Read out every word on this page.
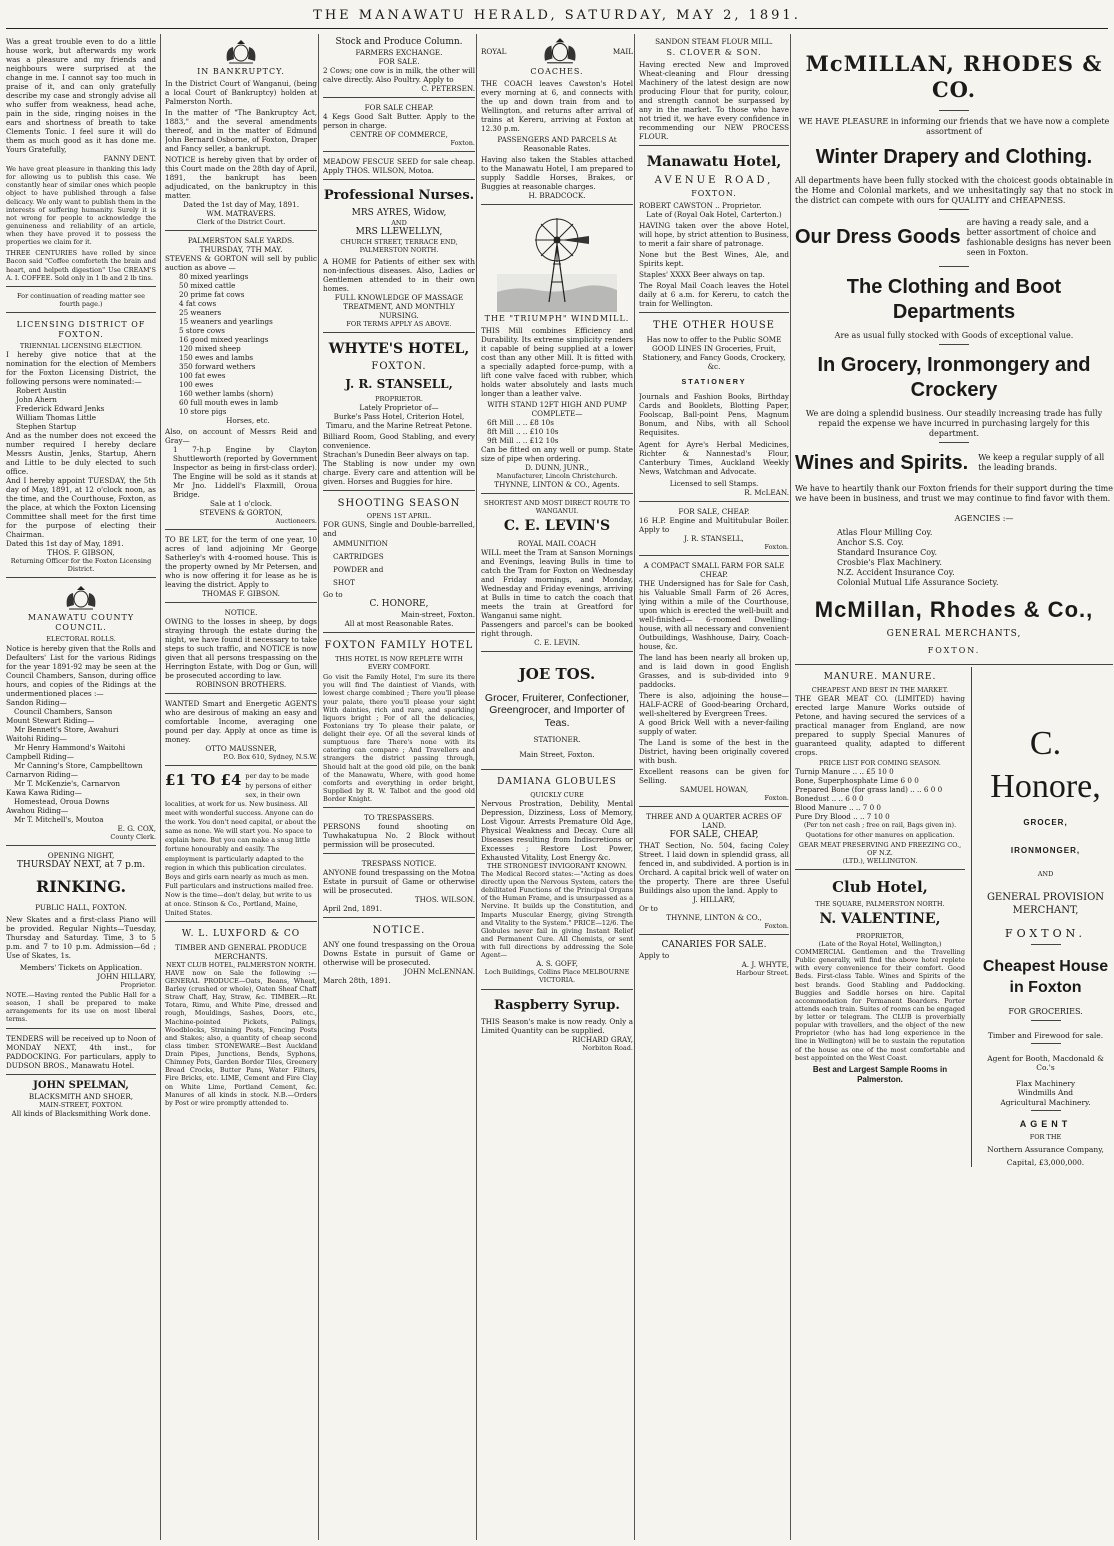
THE MANAWATU HERALD, SATURDAY, MAY 2, 1891.
Was a great trouble even to do a little house work, but afterwards my work was a pleasure and my friends and neighbours were surprised at the change in me. I cannot say too much in praise of it, and can only gratefully describe my case and strongly advise all who suffer from weakness, head ache, pain in the side, ringing noises in the ears and shortness of breath to take Clements Tonic. I feel sure it will do them as much good as it has done me. Yours Gratefully,
FANNY DENT.
We have great pleasure in thanking this lady for allowing us to publish this case. We constantly hear of similar ones which people object to have published through a false delicacy. We only want to publish them in the interests of suffering humanity. Surely it is not wrong for people to acknowledge the genuineness and reliability of an article, when they have proved it to possess the properties we claim for it.
THREE CENTURIES have rolled by since Bacon said "Coffee comforteth the brain and heart, and helpeth digestion" Use CREAM'S A. I. COFFEE. Sold only in 1 lb and 2 lb tins.
For continuation of reading matter see fourth page.)
LICENSING DISTRICT OF FOXTON.
TRIENNIAL LICENSING ELECTION.
I hereby give notice that at the nomination for the election of Members for the Foxton Licensing District, the following persons were nominated:—
Robert Austin
John Ahern
Frederick Edward Jenks
William Thomas Little
Stephen Startup
And as the number does not exceed the number required I hereby declare Messrs Austin, Jenks, Startup, Ahern and Little to be duly elected to such office.
And I hereby appoint TUESDAY, the 5th day of May, 1891, at 12 o'clock noon, as the time, and the Courthouse, Foxton, as the place, at which the Foxton Licensing Committee shall meet for the first time for the purpose of electing their Chairman.
Dated this 1st day of May, 1891.
THOS. F. GIBSON,
Returning Officer for the Foxton Licensing District.
MANAWATU COUNTY COUNCIL.
ELECTORAL ROLLS.
Notice is hereby given that the Rolls and Defaulters' List for the various Ridings for the year 1891-92 may be seen at the Council Chambers, Sanson, during office hours, and copies of the Ridings at the undermentioned places :—
Sandon Riding—
Council Chambers, Sanson
Mount Stewart Riding—
Mr Bennett's Store, Awahuri
Waitohi Riding—
Mr Henry Hammond's Waitohi
Campbell Riding—
Mr Canning's Store, Campbelltown
Carnarvon Riding—
Mr T. McKenzie's, Carnarvon
Kawa Kawa Riding—
Homestead, Oroua Downs
Awahou Riding—
Mr T. Mitchell's, Moutoa
E. G. COX,
County Clerk.
OPENING NIGHT,
THURSDAY NEXT, at 7 p.m.
RINKING.
PUBLIC HALL, FOXTON.
New Skates and a first-class Piano will be provided. Regular Nights—Tuesday, Thursday and Saturday. Time, 3 to 5 p.m. and 7 to 10 p.m. Admission—6d ; Use of Skates, 1s.
Members' Tickets on Application.
JOHN HILLARY,
Proprietor.
NOTE.—Having rented the Public Hall for a season, I shall be prepared to make arrangements for its use on most liberal terms.
TENDERS will be received up to Noon of MONDAY NEXT, 4th inst., for PADDOCKING. For particulars, apply to DUDSON BROS., Manawatu Hotel.
JOHN SPELMAN,
BLACKSMITH AND SHOER,
MAIN-STREET, FOXTON.
All kinds of Blacksmithing Work done.
IN BANKRUPTCY.
In the District Court of Wanganui, (being a local Court of Bankruptcy) holden at Palmerston North.
In the matter of "The Bankruptcy Act, 1883," and the several amendments thereof, and in the matter of Edmund John Bernard Osborne, of Foxton, Draper and Fancy seller, a bankrupt.
NOTICE is hereby given that by order of this Court made on the 28th day of April, 1891, the bankrupt has been adjudicated, on the bankruptcy in this matter.
Dated the 1st day of May, 1891.
WM. MATRAVERS.
Clerk of the District Court.
PALMERSTON SALE YARDS.
THURSDAY, 7TH MAY.
STEVENS & GORTON will sell by public auction as above —
80 mixed yearlings
50 mixed cattle
20 prime fat cows
4 fat cows
25 weaners
15 weaners and yearlings
5 store cows
16 good mixed yearlings
120 mixed sheep
150 ewes and lambs
350 forward wethers
100 fat ewes
100 ewes
160 wether lambs (shorn)
60 full mouth ewes in lamb
10 store pigs
Horses, etc.
Also, on account of Messrs Reid and Gray—
1 7-h.p Engine by Clayton Shuttleworth (reported by Government Inspector as being in first-class order). The Engine will be sold as it stands at Mr Jno. Liddell's Flaxmill, Oroua Bridge.
Sale at 1 o'clock.
STEVENS & GORTON,
Auctioneers.
TO BE LET, for the term of one year, 10 acres of land adjoining Mr George Satherley's with 4-roomed house. This is the property owned by Mr Petersen, and who is now offering it for lease as he is leaving the district. Apply to
THOMAS F. GIBSON.
NOTICE.
OWING to the losses in sheep, by dogs straying through the estate during the night, we have found it necessary to take steps to such traffic, and NOTICE is now given that all persons trespassing on the Herrington Estate, with Dog or Gun, will be prosecuted according to law.
ROBINSON BROTHERS.
WANTED Smart and Energetic AGENTS who are desirous of making an easy and comfortable Income, averaging one pound per day. Apply at once as time is money.
OTTO MAUSSNER,
P.O. Box 610, Sydney, N.S.W.
£1 TO £4 per day to be made by persons of either sex, in their own localities, at work for us. New business. All meet with wonderful success. Anyone can do the work. You don't need capital, or about the same as none. We will start you. No space to explain here. But you can make a snug little fortune honourably and easily. The employment is particularly adapted to the region in which this publication circulates. Boys and girls earn nearly as much as men. Full particulars and instructions mailed free. Now is the time—don't delay, but write to us at once. Stinson & Co., Portland, Maine, United States.
W. L. LUXFORD & CO
TIMBER AND GENERAL PRODUCE MERCHANTS.
NEXT CLUB HOTEL, PALMERSTON NORTH.
HAVE now on Sale the following :— GENERAL PRODUCE—Oats, Beans, Wheat, Barley (crushed or whole), Oaten Sheaf Chaff Straw Chaff, Hay, Straw, &c. TIMBER.—Rt. Totara, Rimu, and White Pine, dressed and rough, Mouldings, Sashes, Doors, etc., Machine-pointed Pickets, Palings, Woodblocks, Straining Posts, Fencing Posts and Stakes; also, a quantity of cheap second class timber. STONEWARE—Best Auckland Drain Pipes, Junctions, Bends, Syphons, Chimney Pots, Garden Border Tiles, Greenery Bread Crocks, Butter Pans, Water Filters, Fire Bricks, etc. LIME, Cement and Fire Clay on White Lime, Portland Cement, &c. Manures of all kinds in stock. N.B.—Orders by Post or wire promptly attended to.
Stock and Produce Column.
FARMERS EXCHANGE.
FOR SALE.
2 Cows; one cow is in milk, the other will calve directly. Also Poultry. Apply to
C. PETERSEN.
FOR SALE CHEAP.
4 Kegs Good Salt Butter. Apply to the person in charge.
CENTRE OF COMMERCE,
Foxton.
MEADOW FESCUE SEED for sale cheap. Apply THOS. WILSON, Motoa.
Professional Nurses.
MRS AYRES, Widow,
AND
MRS LLEWELLYN,
CHURCH STREET, TERRACE END, PALMERSTON NORTH.
A HOME for Patients of either sex with non-infectious diseases. Also, Ladies or Gentlemen attended to in their own homes.
FULL KNOWLEDGE OF MASSAGE TREATMENT, AND MONTHLY NURSING.
FOR TERMS APPLY AS ABOVE.
WHYTE'S HOTEL,
FOXTON.
J. R. STANSELL,
PROPRIETOR.
Lately Proprietor of—
Burke's Pass Hotel, Criterion Hotel, Timaru, and the Marine Retreat Petone.
Billiard Room, Good Stabling, and every convenience.
Strachan's Dunedin Beer always on tap.
The Stabling is now under my own charge. Every care and attention will be given. Horses and Buggies for hire.
SHOOTING SEASON
OPENS 1ST APRIL.
FOR GUNS, Single and Double-barrelled, and
AMMUNITION
CARTRIDGES
POWDER and
SHOT
Go to
C. HONORE,
Main-street, Foxton.
All at most Reasonable Rates.
FOXTON FAMILY HOTEL
THIS HOTEL IS NOW REPLETE WITH EVERY COMFORT.
Go visit the Family Hotel, I'm sure its there you will find The daintiest of Viands, with lowest charge combined ; There you'll please your palate, there you'll please your sight With dainties, rich and rare, and sparkling liquors bright ; For of all the delicacies, Foxtonians try To please their palate, or delight their eye. Of all the several kinds of sumptuous fare There's none with its catering can compare ; And Travellers and strangers the district passing through, Should halt at the good old pile, on the bank of the Manawatu, Where, with good home comforts and everything in order bright, Supplied by R. W. Talbot and the good old Border Knight.
TO TRESPASSERS.
PERSONS found shooting on Tuwhakatupua No. 2 Block without permission will be prosecuted.
TRESPASS NOTICE.
ANYONE found trespassing on the Motoa Estate in pursuit of Game or otherwise will be prosecuted.
THOS. WILSON.
April 2nd, 1891.
NOTICE.
ANY one found trespassing on the Oroua Downs Estate in pursuit of Game or otherwise will be prosecuted.
JOHN McLENNAN.
March 28th, 1891.
ROYAL	MAIL
COACHES.
THE COACH leaves Cawston's Hotel every morning at 6, and connects with the up and down train from and to Wellington, and returns after arrival of trains at Kereru, arriving at Foxton at 12.30 p.m.
PASSENGERS AND PARCELS At Reasonable Rates.
Having also taken the Stables attached to the Manawatu Hotel, I am prepared to supply Saddle Horses, Brakes, or Buggies at reasonable charges.
H. BRADCOCK.
THE "TRIUMPH" WINDMILL.
THIS Mill combines Efficiency and Durability. Its extreme simplicity renders it capable of being supplied at a lower cost than any other Mill. It is fitted with a specially adapted force-pump, with a lift cone valve faced with rubber, which holds water absolutely and lasts much longer than a leather valve.
WITH STAND 12FT HIGH AND PUMP COMPLETE—
6ft Mill .. .. £8 10s
8ft Mill .. .. £10 10s
9ft Mill .. .. £12 10s
Can be fitted on any well or pump. State size of pipe when ordering.
D. DUNN, JUNR.,
Manufacturer, Lincoln Christchurch.
THYNNE, LINTON & CO., Agents.
SHORTEST AND MOST DIRECT ROUTE TO WANGANUI.
C. E. LEVIN'S
ROYAL MAIL COACH
WILL meet the Tram at Sanson Mornings and Evenings, leaving Bulls in time to catch the Tram for Foxton on Wednesday and Friday mornings, and Monday, Wednesday and Friday evenings, arriving at Bulls in time to catch the coach that meets the train at Greatford for Wanganui same night.
Passengers and parcel's can be booked right through.
C. E. LEVIN.
JOE TOS.
Grocer, Fruiterer, Confectioner, Greengrocer, and Importer of Teas.
STATIONER.
Main Street, Foxton.
DAMIANA GLOBULES
QUICKLY CURE
Nervous Prostration, Debility, Mental Depression, Dizziness, Loss of Memory, Lost Vigour. Arrests Premature Old Age, Physical Weakness and Decay. Cure all Diseases resulting from Indiscretions or Excesses ; Restore Lost Power, Exhausted Vitality, Lost Energy &c.
THE STRONGEST INVIGORANT KNOWN.
The Medical Record states:—"Acting as does directly upon the Nervous System, caters the debilitated Functions of the Principal Organs of the Human Frame, and is unsurpassed as a Nervine. It builds up the Constitution, and Imparts Muscular Energy, giving Strength and Vitality to the System." PRICE—12/6. The Globules never fail in giving Instant Relief and Permanent Cure. All Chemists, or sent with full directions by addressing the Sole Agent—
A. S. GOFF,
Loch Buildings, Collins Place MELBOURNE VICTORIA.
Raspberry Syrup.
THIS Season's make is now ready. Only a Limited Quantity can be supplied.
RICHARD GRAY,
Norbiton Road.
SANDON STEAM FLOUR MILL.
S. CLOVER & SON.
Having erected New and Improved Wheat-cleaning and Flour dressing Machinery of the latest design are now producing Flour that for purity, colour, and strength cannot be surpassed by any in the market. To those who have not tried it, we have every confidence in recommending our NEW PROCESS FLOUR.
Manawatu Hotel,
AVENUE ROAD,
FOXTON.
ROBERT CAWSTON .. Proprietor.
Late of (Royal Oak Hotel, Carterton.)
HAVING taken over the above Hotel, will hope, by strict attention to Business, to merit a fair share of patronage.
None but the Best Wines, Ale, and Spirits kept.
Staples' XXXX Beer always on tap.
The Royal Mail Coach leaves the Hotel daily at 6 a.m. for Kereru, to catch the train for Wellington.
THE OTHER HOUSE
Has now to offer to the Public SOME GOOD LINES IN Groceries, Fruit, Stationery, and Fancy Goods, Crockery, &c.
STATIONERY
Journals and Fashion Books, Birthday Cards and Booklets, Blotting Paper, Foolscap, Ball-point Pens, Magnum Bonum, and Nibs, with all School Requisites.
Agent for Ayre's Herbal Medicines, Richter & Nannestad's Flour, Canterbury Times, Auckland Weekly News, Watchman and Advocate.
Licensed to sell Stamps.
R. McLEAN.
FOR SALE, CHEAP.
16 H.P. Engine and Multitubular Boiler. Apply to
J. R. STANSELL,
Foxton.
A COMPACT SMALL FARM FOR SALE CHEAP.
THE Undersigned has for Sale for Cash, his Valuable Small Farm of 26 Acres, lying within a mile of the Courthouse, upon which is erected the well-built and well-finished— 6-roomed Dwelling-house, with all necessary and convenient Outbuildings, Washhouse, Dairy, Coach-house, &c.
The land has been nearly all broken up, and is laid down in good English Grasses, and is sub-divided into 9 paddocks.
There is also, adjoining the house— HALF-ACRE of Good-bearing Orchard, well-sheltered by Evergreen Trees.
A good Brick Well with a never-failing supply of water.
The Land is some of the best in the District, having been originally covered with bush.
Excellent reasons can be given for Selling.
SAMUEL HOWAN,
Foxton.
THREE AND A QUARTER ACRES OF LAND.
FOR SALE, CHEAP,
THAT Section, No. 504, facing Coley Street. I laid down in splendid grass, all fenced in, and subdivided. A portion is in Orchard. A capital brick well of water on the property. There are three Useful Buildings also upon the land. Apply to
J. HILLARY,
Or to
THYNNE, LINTON & CO.,
Foxton.
CANARIES FOR SALE.
Apply to
A. J. WHYTE,
Harbour Street.
McMILLAN, RHODES & CO.
WE HAVE PLEASURE in informing our friends that we have now a complete assortment of
Winter Drapery and Clothing.
All departments have been fully stocked with the choicest goods obtainable in the Home and Colonial markets, and we unhesitatingly say that no stock in the district can compete with ours for QUALITY and CHEAPNESS.
Our Dress Goods
are having a ready sale, and a better assortment of choice and fashionable designs has never been seen in Foxton.
The Clothing and Boot Departments
Are as usual fully stocked with Goods of exceptional value.
In Grocery, Ironmongery and Crockery
We are doing a splendid business. Our steadily increasing trade has fully repaid the expense we have incurred in purchasing largely for this department.
Wines and Spirits. We keep a regular supply of all the leading brands.
We have to heartily thank our Foxton friends for their support during the time we have been in business, and trust we may continue to find favor with them.
AGENCIES :—
Atlas Flour Milling Coy.
Anchor S.S. Coy.
Standard Insurance Coy.
Crosbie's Flax Machinery.
N.Z. Accident Insurance Coy.
Colonial Mutual Life Assurance Society.
McMillan, Rhodes & Co.,
GENERAL MERCHANTS,
FOXTON.
MANURE. MANURE.
CHEAPEST AND BEST IN THE MARKET.
THE GEAR MEAT CO. (LIMITED) having erected large Manure Works outside of Petone, and having secured the services of a practical manager from England, are now prepared to supply Special Manures of guaranteed quality, adapted to different crops.
PRICE LIST FOR COMING SEASON.
Turnip Manure .. .. £5 10 0
Bone, Superphosphate Lime 6 0 0
Prepared Bone (for grass land) .. .. 6 0 0
Bonedust .. .. 6 0 0
Blood Manure .. .. 7 0 0
Pure Dry Blood .. .. 7 10 0
(Per ton net cash ; free on rail, Bags given in).
Quotations for other manures on application.
GEAR MEAT PRESERVING AND FREEZING CO., OF N.Z.
(LTD.), WELLINGTON.
Club Hotel,
THE SQUARE, PALMERSTON NORTH.
N. VALENTINE,
PROPRIETOR,
(Late of the Royal Hotel, Wellington,)
COMMERCIAL Gentlemen and the Travelling Public generally, will find the above hotel replete with every convenience for their comfort. Good Beds. First-class Table. Wines and Spirits of the best brands. Good Stabling and Paddocking. Buggies and Saddle horses on hire. Capital accommodation for Permanent Boarders. Porter attends each train. Suites of rooms can be engaged by letter or telegram. The CLUB is proverbially popular with travellers, and the object of the new Proprietor (who has had long experience in the line in Wellington) will be to sustain the reputation of the house as one of the most comfortable and best appointed on the West Coast.
Best and Largest Sample Rooms in Palmerston.
C. Honore,
GROCER,
IRONMONGER,
AND
GENERAL PROVISION MERCHANT,
FOXTON.
Cheapest House in Foxton
FOR GROCERIES.
Timber and Firewood for sale.
Agent for Booth, Macdonald & Co.'s
Flax Machinery Windmills And Agricultural Machinery.
AGENT
FOR THE
Northern Assurance Company,
Capital, £3,000,000.
